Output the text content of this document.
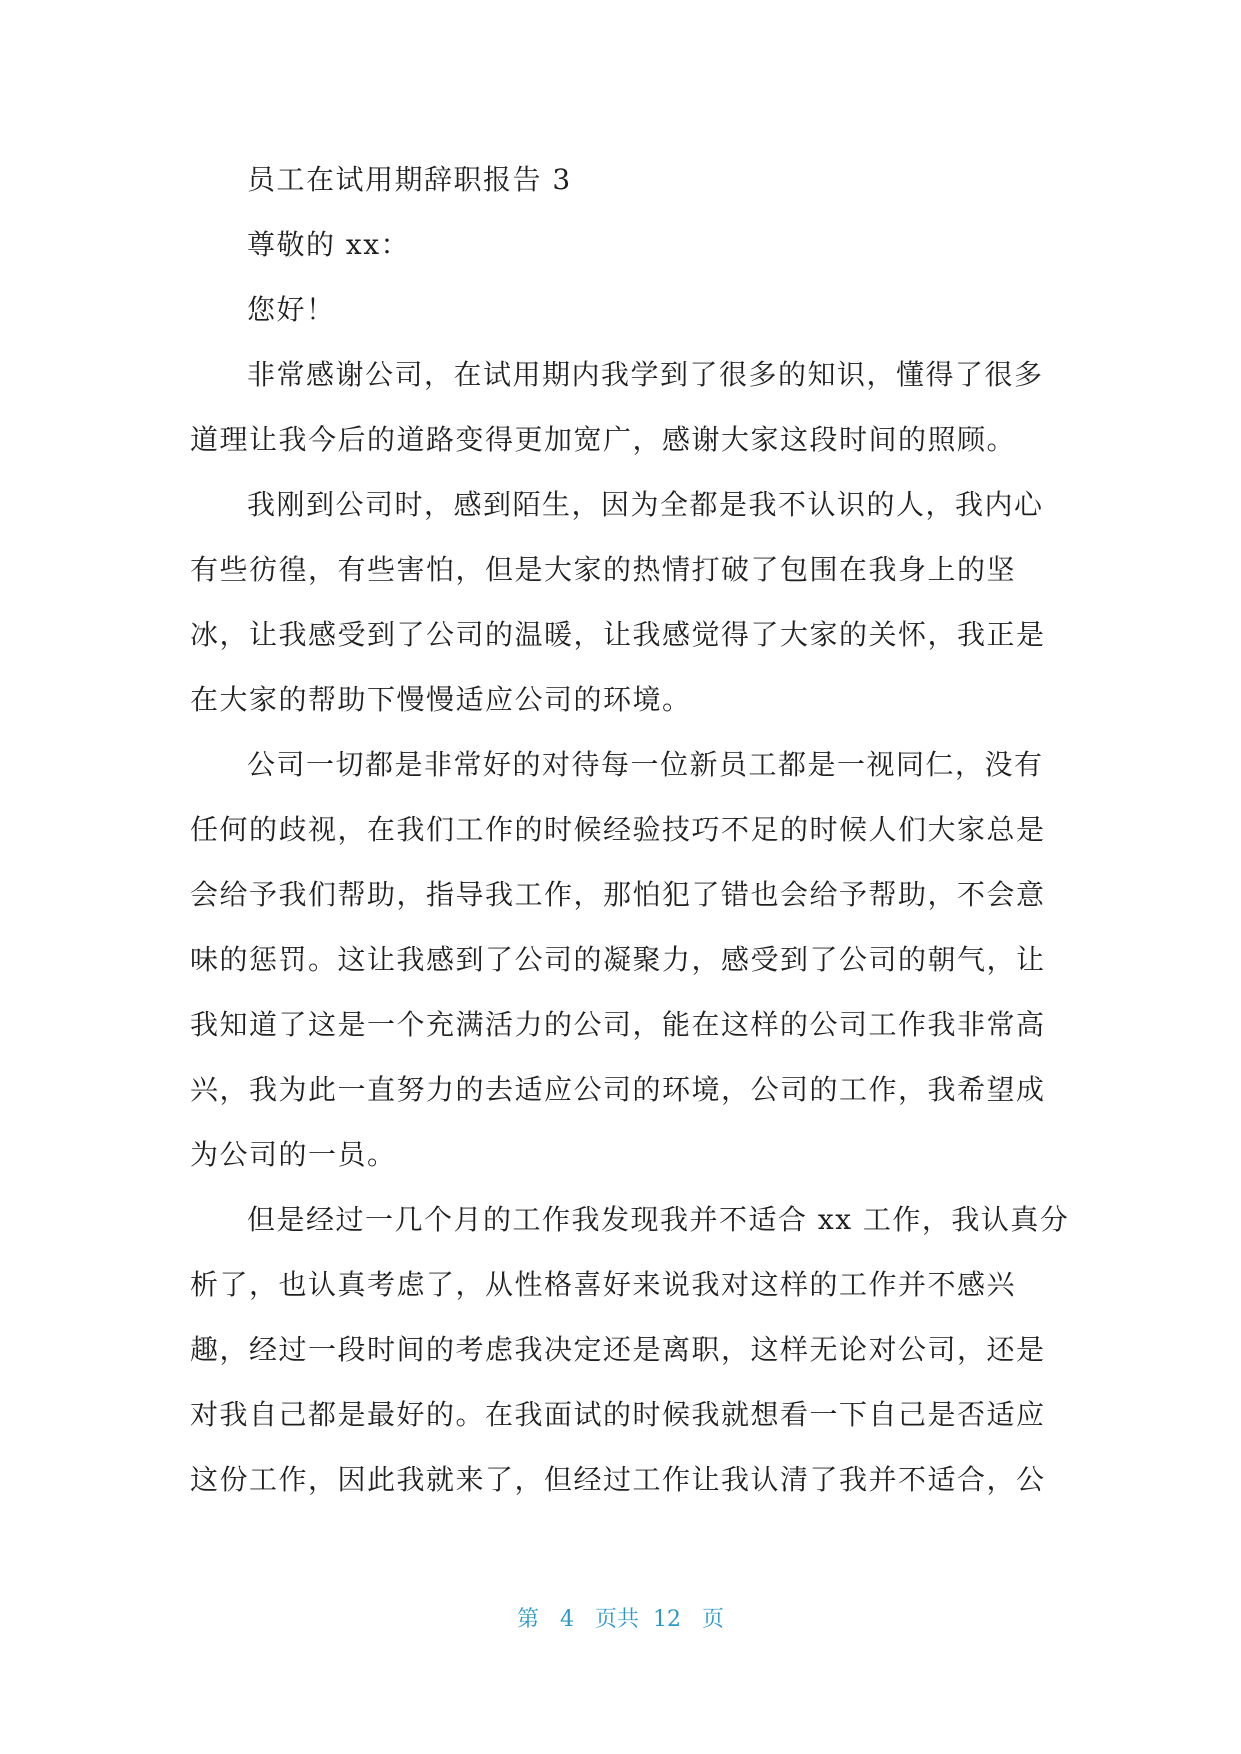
员工在试用期辞职报告 3
尊敬的 xx：
您好！
非常感谢公司，在试用期内我学到了很多的知识，懂得了很多
道理让我今后的道路变得更加宽广，感谢大家这段时间的照顾。
我刚到公司时，感到陌生，因为全都是我不认识的人，我内心
有些彷徨，有些害怕，但是大家的热情打破了包围在我身上的坚
冰，让我感受到了公司的温暖，让我感觉得了大家的关怀，我正是
在大家的帮助下慢慢适应公司的环境。
公司一切都是非常好的对待每一位新员工都是一视同仁，没有
任何的歧视，在我们工作的时候经验技巧不足的时候人们大家总是
会给予我们帮助，指导我工作，那怕犯了错也会给予帮助，不会意
味的惩罚。这让我感到了公司的凝聚力，感受到了公司的朝气，让
我知道了这是一个充满活力的公司，能在这样的公司工作我非常高
兴，我为此一直努力的去适应公司的环境，公司的工作，我希望成
为公司的一员。
但是经过一几个月的工作我发现我并不适合 xx 工作，我认真分
析了，也认真考虑了，从性格喜好来说我对这样的工作并不感兴
趣，经过一段时间的考虑我决定还是离职，这样无论对公司，还是
对我自己都是最好的。在我面试的时候我就想看一下自己是否适应
这份工作，因此我就来了，但经过工作让我认清了我并不适合，公
第 4 页共 12 页
